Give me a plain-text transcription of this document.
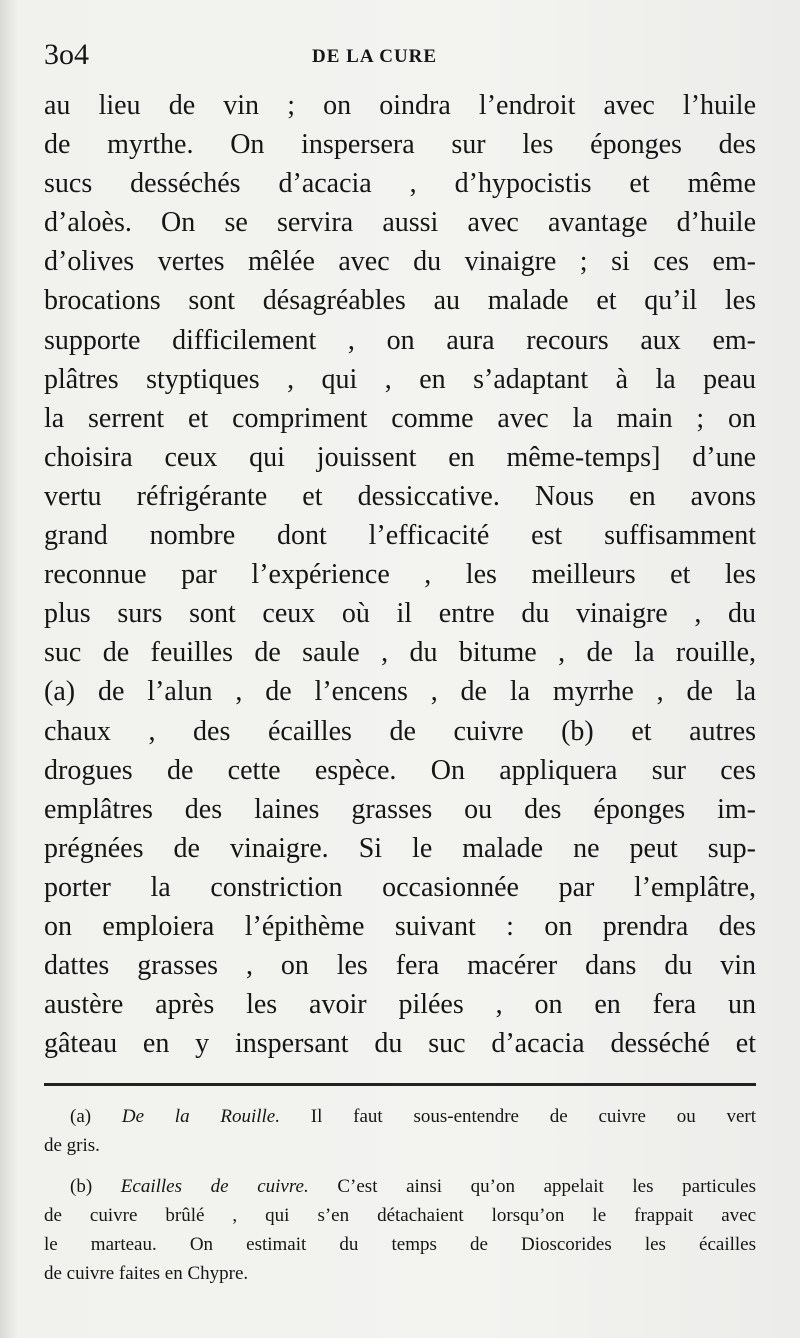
3o4	DE LA CURE
au lieu de vin ; on oindra l’endroit avec l’huile
de myrthe. On inspersera sur les éponges des
sucs desséchés d’acacia , d’hypocistis et même
d’aloès. On se servira aussi avec avantage d’huile
d’olives vertes mêlée avec du vinaigre ; si ces em-
brocations sont désagréables au malade et qu’il les
supporte difficilement , on aura recours aux em-
plâtres styptiques , qui , en s’adaptant à la peau
la serrent et compriment comme avec la main ; on
choisira ceux qui jouissent en même-temps] d’une
vertu réfrigérante et dessiccative. Nous en avons
grand nombre dont l’efficacité est suffisamment
reconnue par l’expérience , les meilleurs et les
plus surs sont ceux où il entre du vinaigre , du
suc de feuilles de saule , du bitume , de la rouille,
(a) de l’alun , de l’encens , de la myrrhe , de la
chaux , des écailles de cuivre (b) et autres
drogues de cette espèce. On appliquera sur ces
emplâtres des laines grasses ou des éponges im-
prégnées de vinaigre. Si le malade ne peut sup-
porter la constriction occasionnée par l’emplâtre,
on emploiera l’épithème suivant : on prendra des
dattes grasses , on les fera macérer dans du vin
austère après les avoir pilées , on en fera un
gâteau en y inspersant du suc d’acacia desséché et
(a) De la Rouille. Il faut sous-entendre de cuivre ou vert
de gris.
(b) Ecailles de cuivre. C’est ainsi qu’on appelait les particules
de cuivre brûlé , qui s’en détachaient lorsqu’on le frappait avec
le marteau. On estimait du temps de Dioscorides les écailles
de cuivre faites en Chypre.
